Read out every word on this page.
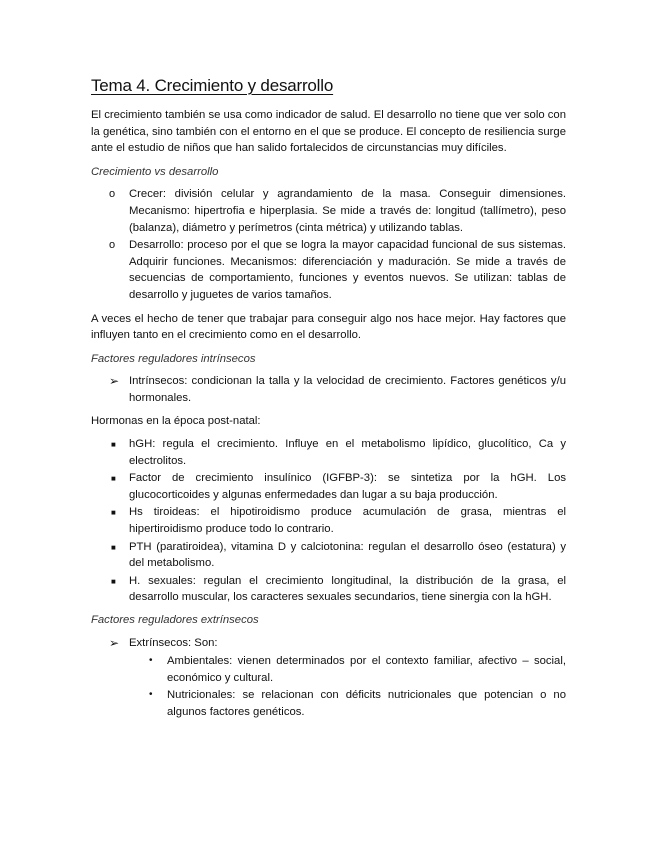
Tema 4. Crecimiento y desarrollo

El crecimiento también se usa como indicador de salud. El desarrollo no tiene que ver solo con la genética, sino también con el entorno en el que se produce. El concepto de resiliencia surge ante el estudio de niños que han salido fortalecidos de circunstancias muy difíciles.

Crecimiento vs desarrollo

o Crecer: división celular y agrandamiento de la masa. Conseguir dimensiones. Mecanismo: hipertrofia e hiperplasia. Se mide a través de: longitud (tallímetro), peso (balanza), diámetro y perímetros (cinta métrica) y utilizando tablas.
o Desarrollo: proceso por el que se logra la mayor capacidad funcional de sus sistemas. Adquirir funciones. Mecanismos: diferenciación y maduración. Se mide a través de secuencias de comportamiento, funciones y eventos nuevos. Se utilizan: tablas de desarrollo y juguetes de varios tamaños.

A veces el hecho de tener que trabajar para conseguir algo nos hace mejor. Hay factores que influyen tanto en el crecimiento como en el desarrollo.

Factores reguladores intrínsecos

➢ Intrínsecos: condicionan la talla y la velocidad de crecimiento. Factores genéticos y/u hormonales.

Hormonas en la época post-natal:

■ hGH: regula el crecimiento. Influye en el metabolismo lipídico, glucolítico, Ca y electrolitos.
■ Factor de crecimiento insulínico (IGFBP-3): se sintetiza por la hGH. Los glucocorticoides y algunas enfermedades dan lugar a su baja producción.
■ Hs tiroideas: el hipotiroidismo produce acumulación de grasa, mientras el hipertiroidismo produce todo lo contrario.
■ PTH (paratiroidea), vitamina D y calciotonina: regulan el desarrollo óseo (estatura) y del metabolismo.
■ H. sexuales: regulan el crecimiento longitudinal, la distribución de la grasa, el desarrollo muscular, los caracteres sexuales secundarios, tiene sinergia con la hGH.

Factores reguladores extrínsecos

➢ Extrínsecos: Son:
• Ambientales: vienen determinados por el contexto familiar, afectivo – social, económico y cultural.
• Nutricionales: se relacionan con déficits nutricionales que potencian o no algunos factores genéticos.
